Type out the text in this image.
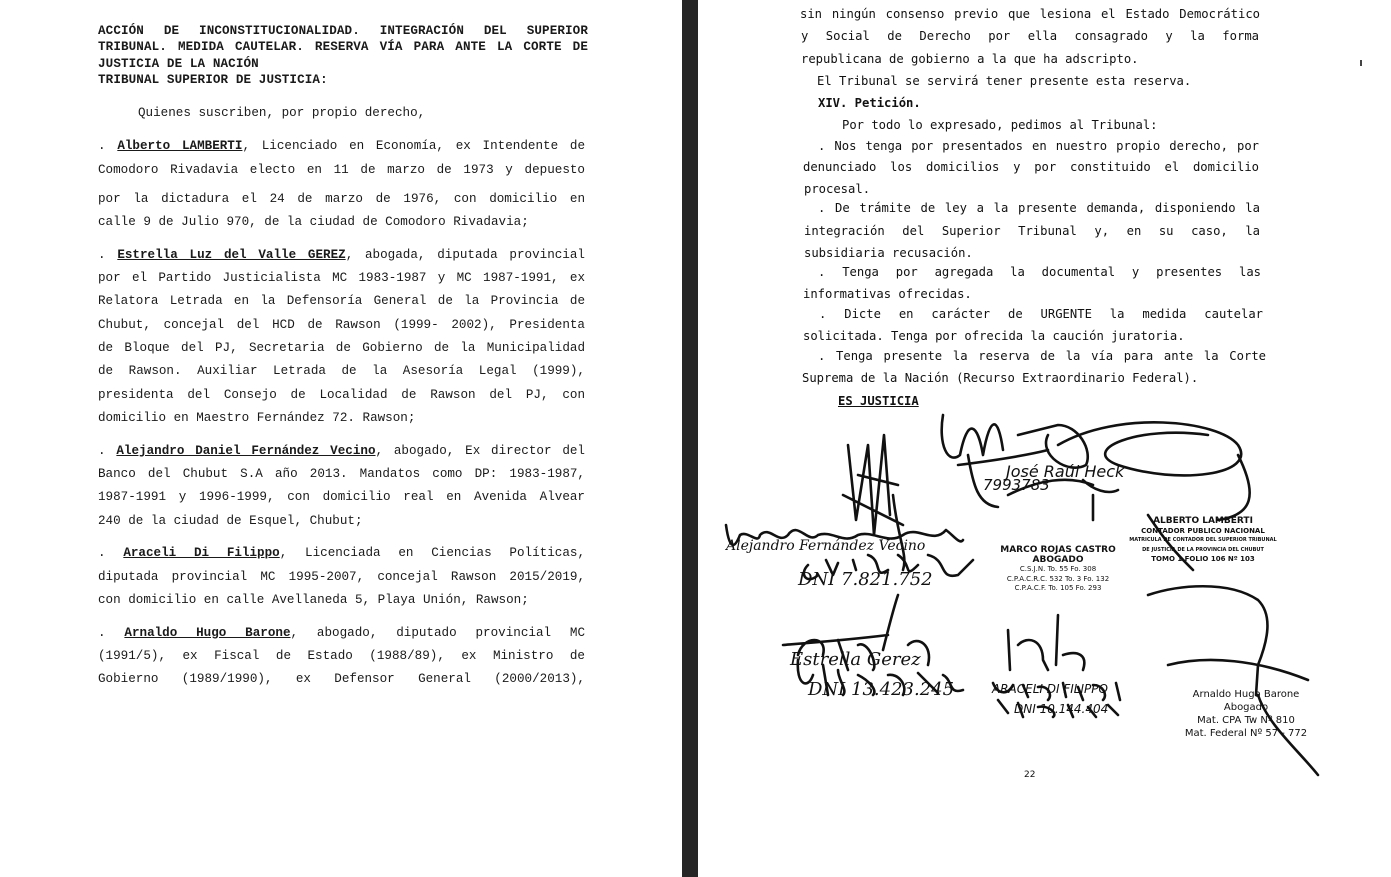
ACCIÓN DE INCONSTITUCIONALIDAD. INTEGRACIÓN DEL SUPERIOR
TRIBUNAL. MEDIDA CAUTELAR. RESERVA VÍA PARA ANTE LA CORTE DE
JUSTICIA DE LA NACIÓN
TRIBUNAL SUPERIOR DE JUSTICIA:
Quienes suscriben, por propio derecho,
. Alberto LAMBERTI, Licenciado en Economía, ex Intendente de
Comodoro Rivadavia electo en 11 de marzo de 1973 y depuesto
por la dictadura el 24 de marzo de 1976, con domicilio en
calle 9 de Julio 970, de la ciudad de Comodoro Rivadavia;
. Estrella Luz del Valle GEREZ, abogada, diputada provincial
por el Partido Justicialista MC 1983-1987 y MC 1987-1991, ex
Relatora Letrada en la Defensoría General de la Provincia de
Chubut, concejal del HCD de Rawson (1999- 2002), Presidenta
de Bloque del PJ, Secretaria de Gobierno de la Municipalidad
de Rawson. Auxiliar Letrada de la Asesoría Legal (1999),
presidenta del Consejo de Localidad de Rawson del PJ, con
domicilio en Maestro Fernández 72. Rawson;
. Alejandro Daniel Fernández Vecino, abogado, Ex director del
Banco del Chubut S.A año 2013. Mandatos como DP: 1983-1987,
1987-1991 y 1996-1999, con domicilio real en Avenida Alvear
240 de la ciudad de Esquel, Chubut;
. Araceli Di Filippo, Licenciada en Ciencias Políticas,
diputada provincial MC 1995-2007, concejal Rawson 2015/2019,
con domicilio en calle Avellaneda 5, Playa Unión, Rawson;
. Arnaldo Hugo Barone, abogado, diputado provincial MC
(1991/5), ex Fiscal de Estado (1988/89), ex Ministro de
Gobierno (1989/1990), ex Defensor General (2000/2013),
sin ningún consenso previo que lesiona el Estado Democrático
y Social de Derecho por ella consagrado y la forma
republicana de gobierno a la que ha adscripto.
El Tribunal se servirá tener presente esta reserva.
XIV. Petición.
Por todo lo expresado, pedimos al Tribunal:
. Nos tenga por presentados en nuestro propio derecho, por
denunciado los domicilios y por constituido el domicilio
procesal.
. De trámite de ley a la presente demanda, disponiendo la
integración del Superior Tribunal y, en su caso, la
subsidiaria recusación.
. Tenga por agregada la documental y presentes las
informativas ofrecidas.
. Dicte en carácter de URGENTE la medida cautelar
solicitada. Tenga por ofrecida la caución juratoria.
. Tenga presente la reserva de la vía para ante la Corte
Suprema de la Nación (Recurso Extraordinario Federal).
ES JUSTICIA
MARCO ROJAS CASTRO
ABOGADO
C.S.J.N. To. 55 Fo. 308
C.P.A.C.R.C. 532 To. 3 Fo. 132
C.P.A.C.F. To. 105 Fo. 293
ALBERTO LAMBERTI
CONTADOR PUBLICO NACIONAL
MATRICULA DE CONTADOR DEL SUPERIOR TRIBUNAL
DE JUSTICIA DE LA PROVINCIA DEL CHUBUT
TOMO 1 FOLIO 106 Nº 103
Arnaldo Hugo Barone
Abogado
Mat. CPA Tw Nº 810
Mat. Federal Nº 57 - 772
José Raúl Heck
7993783
Alejandro Fernández Vecino
DNI 7.821.752
Estrella Gerez
DNI 13.423.245	ARACELI DI FILIPPO
DNI 10.144.404
22
